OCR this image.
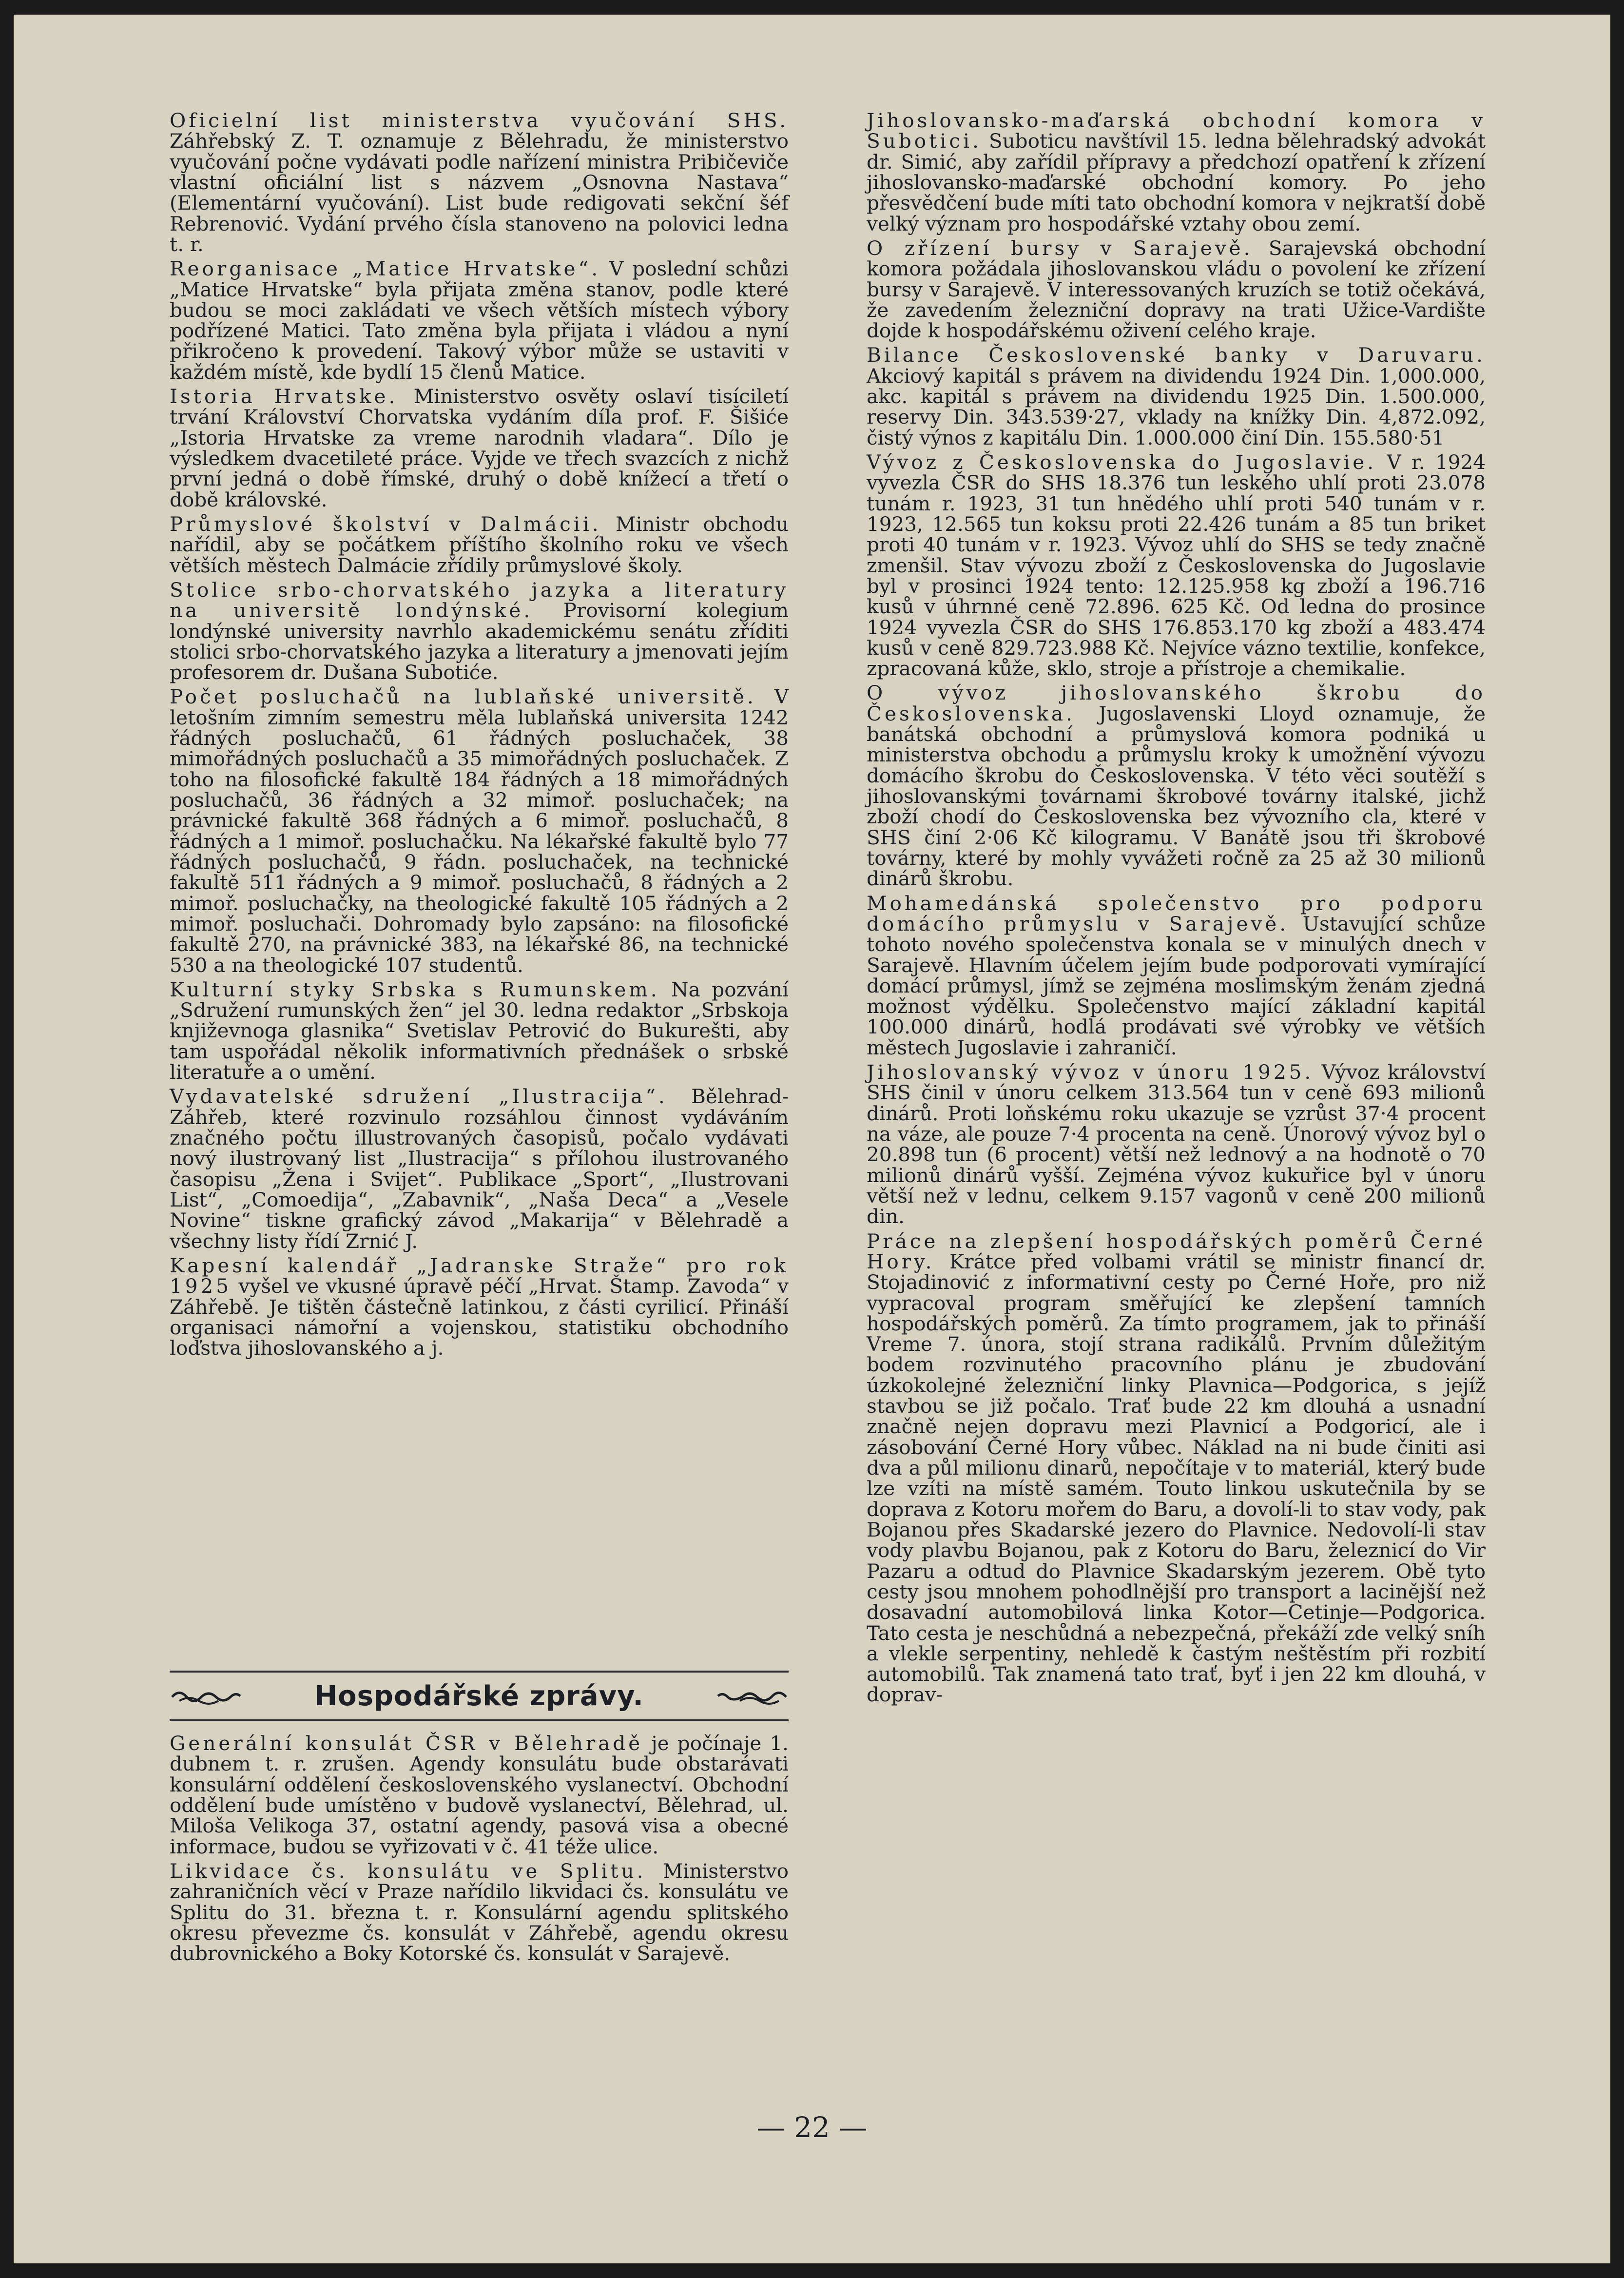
Oficielní list ministerstva vyučování SHS. Záhřebský Z. T. oznamuje z Bělehradu, že ministerstvo vyučování počne vydávati podle nařízení ministra Pribičeviče vlastní oficiální list s názvem „Osnovna Nastava“ (Elementární vyučování). List bude redigovati sekční šéf Rebrenović. Vydání prvého čísla stanoveno na polovici ledna t. r.

Reorganisace „Matice Hrvatske“. V poslední schůzi „Matice Hrvatske“ byla přijata změna stanov, podle které budou se moci zakládati ve všech větších místech výbory podřízené Matici. Tato změna byla přijata i vládou a nyní přikročeno k provedení. Takový výbor může se ustaviti v každém místě, kde bydlí 15 členů Matice.

Istoria Hrvatske. Ministerstvo osvěty oslaví tisíciletí trvání Království Chorvatska vydáním díla prof. F. Šišiće „Istoria Hrvatske za vreme narodnih vladara“. Dílo je výsledkem dvacetileté práce. Vyjde ve třech svazcích z nichž první jedná o době římské, druhý o době knížecí a třetí o době královské.

Průmyslové školství v Dalmácii. Ministr obchodu nařídil, aby se počátkem příštího školního roku ve všech větších městech Dalmácie zřídily průmyslové školy.

Stolice srbo-chorvatského jazyka a literatury na universitě londýnské. Provisorní kolegium londýnské university navrhlo akademickému senátu zříditi stolici srbo-chorvatského jazyka a literatury a jmenovati jejím profesorem dr. Dušana Subotiće.

Počet posluchačů na lublaňské universitě. V letošním zimním semestru měla lublaňská universita 1242 řádných posluchačů, 61 řádných posluchaček, 38 mimořádných posluchačů a 35 mimořádných posluchaček. Z toho na filosofické fakultě 184 řádných a 18 mimořádných posluchačů, 36 řádných a 32 mimoř. posluchaček; na právnické fakultě 368 řádných a 6 mimoř. posluchačů, 8 řádných a 1 mimoř. posluchačku. Na lékařské fakultě bylo 77 řádných posluchačů, 9 řádn. posluchaček, na technické fakultě 511 řádných a 9 mimoř. posluchačů, 8 řádných a 2 mimoř. posluchačky, na theologické fakultě 105 řádných a 2 mimoř. posluchači. Dohromady bylo zapsáno: na filosofické fakultě 270, na právnické 383, na lékařské 86, na technické 530 a na theologické 107 studentů.

Kulturní styky Srbska s Rumunskem. Na pozvání „Sdružení rumunských žen“ jel 30. ledna redaktor „Srbskoja književnoga glasnika“ Svetislav Petrović do Bukurešti, aby tam uspořádal několik informativních přednášek o srbské literatuře a o umění.

Vydavatelské sdružení „Ilustracija“. Bělehrad-Záhřeb, které rozvinulo rozsáhlou činnost vydáváním značného počtu illustrovaných časopisů, počalo vydávati nový ilustrovaný list „Ilustracija“ s přílohou ilustrovaného časopisu „Žena i Svijet“. Publikace „Sport“, „Ilustrovani List“, „Comoedija“, „Zabavnik“, „Naša Deca“ a „Vesele Novine“ tiskne grafický závod „Makarija“ v Bělehradě a všechny listy řídí Zrnić J.

Kapesní kalendář „Jadranske Straže“ pro rok 1925 vyšel ve vkusné úpravě péčí „Hrvat. Štamp. Zavoda“ v Záhřebě. Je tištěn částečně latinkou, z části cyrilicí. Přináší organisaci námořní a vojenskou, statistiku obchodního loďstva jihoslovanského a j.

Hospodářské zprávy.

Generální konsulát ČSR v Bělehradě je počínaje 1. dubnem t. r. zrušen. Agendy konsulátu bude obstarávati konsulární oddělení československého vyslanectví. Obchodní oddělení bude umístěno v budově vyslanectví, Bělehrad, ul. Miloša Velikoga 37, ostatní agendy, pasová visa a obecné informace, budou se vyřizovati v č. 41 téže ulice.

Likvidace čs. konsulátu ve Splitu. Ministerstvo zahraničních věcí v Praze nařídilo likvidaci čs. konsulátu ve Splitu do 31. března t. r. Konsulární agendu splitského okresu převezme čs. konsulát v Záhřebě, agendu okresu dubrovnického a Boky Kotorské čs. konsulát v Sarajevě.

Jihoslovansko-maďarská obchodní komora v Subotici. Suboticu navštívil 15. ledna bělehradský advokát dr. Simić, aby zařídil přípravy a předchozí opatření k zřízení jihoslovansko-maďarské obchodní komory. Po jeho přesvědčení bude míti tato obchodní komora v nejkratší době velký význam pro hospodářské vztahy obou zemí.

O zřízení bursy v Sarajevě. Sarajevská obchodní komora požádala jihoslovanskou vládu o povolení ke zřízení bursy v Sarajevě. V interessovaných kruzích se totiž očekává, že zavedením železniční dopravy na trati Užice-Vardište dojde k hospodářskému oživení celého kraje.

Bilance Československé banky v Daruvaru. Akciový kapitál s právem na dividendu 1924 Din. 1,000.000, akc. kapitál s právem na dividendu 1925 Din. 1.500.000, reservy Din. 343.539·27, vklady na knížky Din. 4,872.092, čistý výnos z kapitálu Din. 1.000.000 činí Din. 155.580·51

Vývoz z Československa do Jugoslavie. V r. 1924 vyvezla ČSR do SHS 18.376 tun leského uhlí proti 23.078 tunám r. 1923, 31 tun hnědého uhlí proti 540 tunám v r. 1923, 12.565 tun koksu proti 22.426 tunám a 85 tun briket proti 40 tunám v r. 1923. Vývoz uhlí do SHS se tedy značně zmenšil. Stav vývozu zboží z Československa do Jugoslavie byl v prosinci 1924 tento: 12.125.958 kg zboží a 196.716 kusů v úhrnné ceně 72.896. 625 Kč. Od ledna do prosince 1924 vyvezla ČSR do SHS 176.853.170 kg zboží a 483.474 kusů v ceně 829.723.988 Kč. Nejvíce vázno textilie, konfekce, zpracovaná kůže, sklo, stroje a přístroje a chemikalie.

O vývoz jihoslovanského škrobu do Československa. Jugoslavenski Lloyd oznamuje, že banátská obchodní a průmyslová komora podniká u ministerstva obchodu a průmyslu kroky k umožnění vývozu domácího škrobu do Československa. V této věci soutěží s jihoslovanskými továrnami škrobové továrny italské, jichž zboží chodí do Československa bez vývozního cla, které v SHS činí 2·06 Kč kilogramu. V Banátě jsou tři škrobové továrny, které by mohly vyvážeti ročně za 25 až 30 milionů dinárů škrobu.

Mohamedánská společenstvo pro podporu domácího průmyslu v Sarajevě. Ustavující schůze tohoto nového společenstva konala se v minulých dnech v Sarajevě. Hlavním účelem jejím bude podporovati vymírající domácí průmysl, jímž se zejména moslimským ženám zjedná možnost výdělku. Společenstvo mající základní kapitál 100.000 dinárů, hodlá prodávati své výrobky ve větších městech Jugoslavie i zahraničí.

Jihoslovanský vývoz v únoru 1925. Vývoz království SHS činil v únoru celkem 313.564 tun v ceně 693 milionů dinárů. Proti loňskému roku ukazuje se vzrůst 37·4 procent na váze, ale pouze 7·4 procenta na ceně. Únorový vývoz byl o 20.898 tun (6 procent) větší než lednový a na hodnotě o 70 milionů dinárů vyšší. Zejména vývoz kukuřice byl v únoru větší než v lednu, celkem 9.157 vagonů v ceně 200 milionů din.

Práce na zlepšení hospodářských poměrů Černé Hory. Krátce před volbami vrátil se ministr financí dr. Stojadinović z informativní cesty po Černé Hoře, pro niž vypracoval program směřující ke zlepšení tamních hospodářských poměrů. Za tímto programem, jak to přináší Vreme 7. února, stojí strana radikálů. Prvním důležitým bodem rozvinutého pracovního plánu je zbudování úzkokolejné železniční linky Plavnica—Podgorica, s jejíž stavbou se již počalo. Trať bude 22 km dlouhá a usnadní značně nejen dopravu mezi Plavnicí a Podgoricí, ale i zásobování Černé Hory vůbec. Náklad na ni bude činiti asi dva a půl milionu dinarů, nepočítaje v to materiál, který bude lze vzíti na místě samém. Touto linkou uskutečnila by se doprava z Kotoru mořem do Baru, a dovolí-li to stav vody, pak Bojanou přes Skadarské jezero do Plavnice. Nedovolí-li stav vody plavbu Bojanou, pak z Kotoru do Baru, železnicí do Vir Pazaru a odtud do Plavnice Skadarským jezerem. Obě tyto cesty jsou mnohem pohodlnější pro transport a lacinější než dosavadní automobilová linka Kotor—Cetinje—Podgorica. Tato cesta je neschůdná a nebezpečná, překáží zde velký sníh a vlekle serpentiny, nehledě k častým neštěstím při rozbití automobilů. Tak znamená tato trať, byť i jen 22 km dlouhá, v doprav-

— 22 —
